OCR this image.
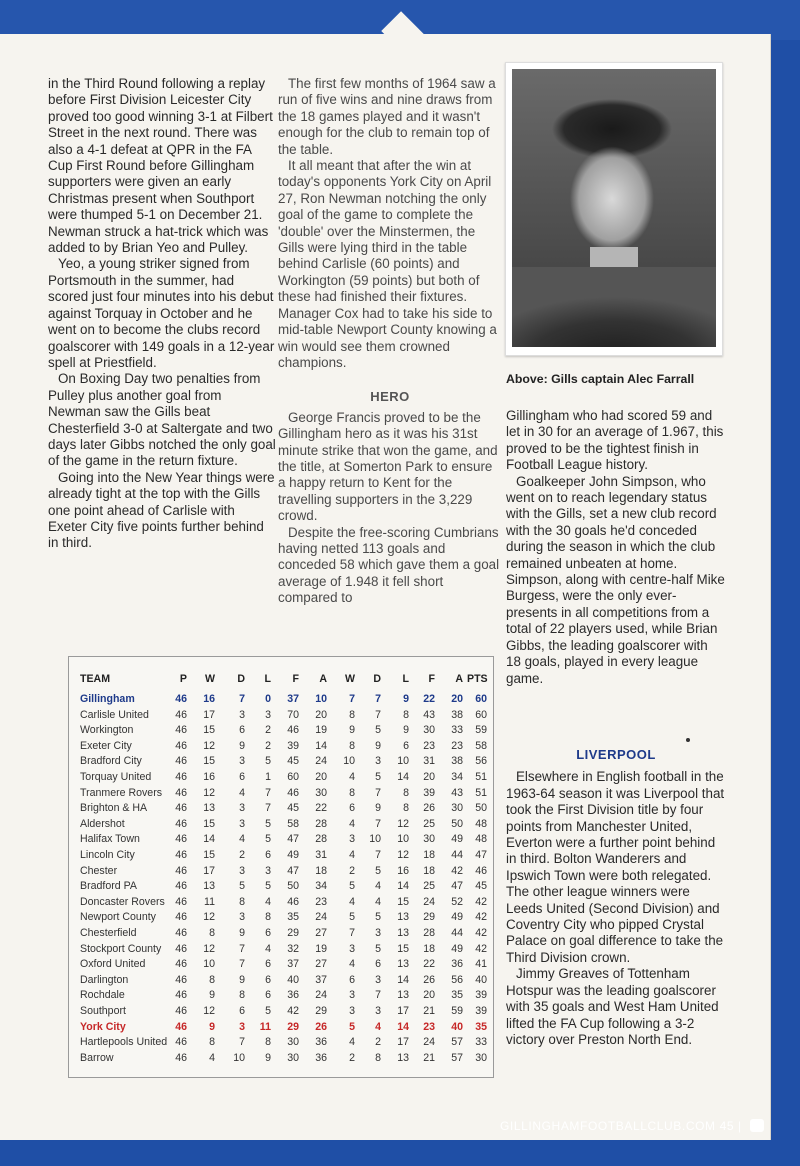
in the Third Round following a replay before First Division Leicester City proved too good winning 3-1 at Filbert Street in the next round. There was also a 4-1 defeat at QPR in the FA Cup First Round before Gillingham supporters were given an early Christmas present when Southport were thumped 5-1 on December 21. Newman struck a hat-trick which was added to by Brian Yeo and Pulley.

Yeo, a young striker signed from Portsmouth in the summer, had scored just four minutes into his debut against Torquay in October and he went on to become the clubs record goalscorer with 149 goals in a 12-year spell at Priestfield.

On Boxing Day two penalties from Pulley plus another goal from Newman saw the Gills beat Chesterfield 3-0 at Saltergate and two days later Gibbs notched the only goal of the game in the return fixture.

Going into the New Year things were already tight at the top with the Gills one point ahead of Carlisle with Exeter City five points further behind in third.

The first few months of 1964 saw a run of five wins and nine draws from the 18 games played and it wasn't enough for the club to remain top of the table.

It all meant that after the win at today's opponents York City on April 27, Ron Newman notching the only goal of the game to complete the 'double' over the Minstermen, the Gills were lying third in the table behind Carlisle (60 points) and Workington (59 points) but both of these had finished their fixtures. Manager Cox had to take his side to mid-table Newport County knowing a win would see them crowned champions.

HERO

George Francis proved to be the Gillingham hero as it was his 31st minute strike that won the game, and the title, at Somerton Park to ensure a happy return to Kent for the travelling supporters in the 3,229 crowd.

Despite the free-scoring Cumbrians having netted 113 goals and conceded 58 which gave them a goal average of 1.948 it fell short compared to

Above: Gills captain Alec Farrall

Gillingham who had scored 59 and let in 30 for an average of 1.967, this proved to be the tightest finish in Football League history.

Goalkeeper John Simpson, who went on to reach legendary status with the Gills, set a new club record with the 30 goals he'd conceded during the season in which the club remained unbeaten at home. Simpson, along with centre-half Mike Burgess, were the only ever-presents in all competitions from a total of 22 players used, while Brian Gibbs, the leading goalscorer with 18 goals, played in every league game.

LIVERPOOL

Elsewhere in English football in the 1963-64 season it was Liverpool that took the First Division title by four points from Manchester United, Everton were a further point behind in third. Bolton Wanderers and Ipswich Town were both relegated. The other league winners were Leeds United (Second Division) and Coventry City who pipped Crystal Palace on goal difference to take the Third Division crown.

Jimmy Greaves of Tottenham Hotspur was the leading goalscorer with 35 goals and West Ham United lifted the FA Cup following a 3-2 victory over Preston North End.

TEAM	P	W	D	L	F	A	W	D	L	F	A PTS
Gillingham	46	16	7	0	37	10	7	7	9	22	20	60
Carlisle United	46	17	3	3	70	20	8	7	8	43	38	60
Workington	46	15	6	2	46	19	9	5	9	30	33	59
Exeter City	46	12	9	2	39	14	8	9	6	23	23	58
Bradford City	46	15	3	5	45	24	10	3	10	31	38	56
Torquay United	46	16	6	1	60	20	4	5	14	20	34	51
Tranmere Rovers	46	12	4	7	46	30	8	7	8	39	43	51
Brighton & HA	46	13	3	7	45	22	6	9	8	26	30	50
Aldershot	46	15	3	5	58	28	4	7	12	25	50	48
Halifax Town	46	14	4	5	47	28	3	10	10	30	49	48
Lincoln City	46	15	2	6	49	31	4	7	12	18	44	47
Chester	46	17	3	3	47	18	2	5	16	18	42	46
Bradford PA	46	13	5	5	50	34	5	4	14	25	47	45
Doncaster Rovers 46	11	8	4	46	23	4	4	15	24	52	42
Newport County	46	12	3	8	35	24	5	5	13	29	49	42
Chesterfield	46	8	9	6	29	27	7	3	13	28	44	42
Stockport County	46	12	7	4	32	19	3	5	15	18	49	42
Oxford United	46	10	7	6	37	27	4	6	13	22	36	41
Darlington	46	8	9	6	40	37	6	3	14	26	56	40
Rochdale	46	9	8	6	36	24	3	7	13	20	35	39
Southport	46	12	6	5	42	29	3	3	17	21	59	39
York City	46	9	3	11	29	26	5	4	14	23	40	35
Hartlepools United 46	8	7	8	30	36	4	2	17	24	57	33
Barrow	46	4	10	9	30	36	2	8	13	21	57	30
GILLINGHAMFOOTBALLCLUB.COM 45 |
